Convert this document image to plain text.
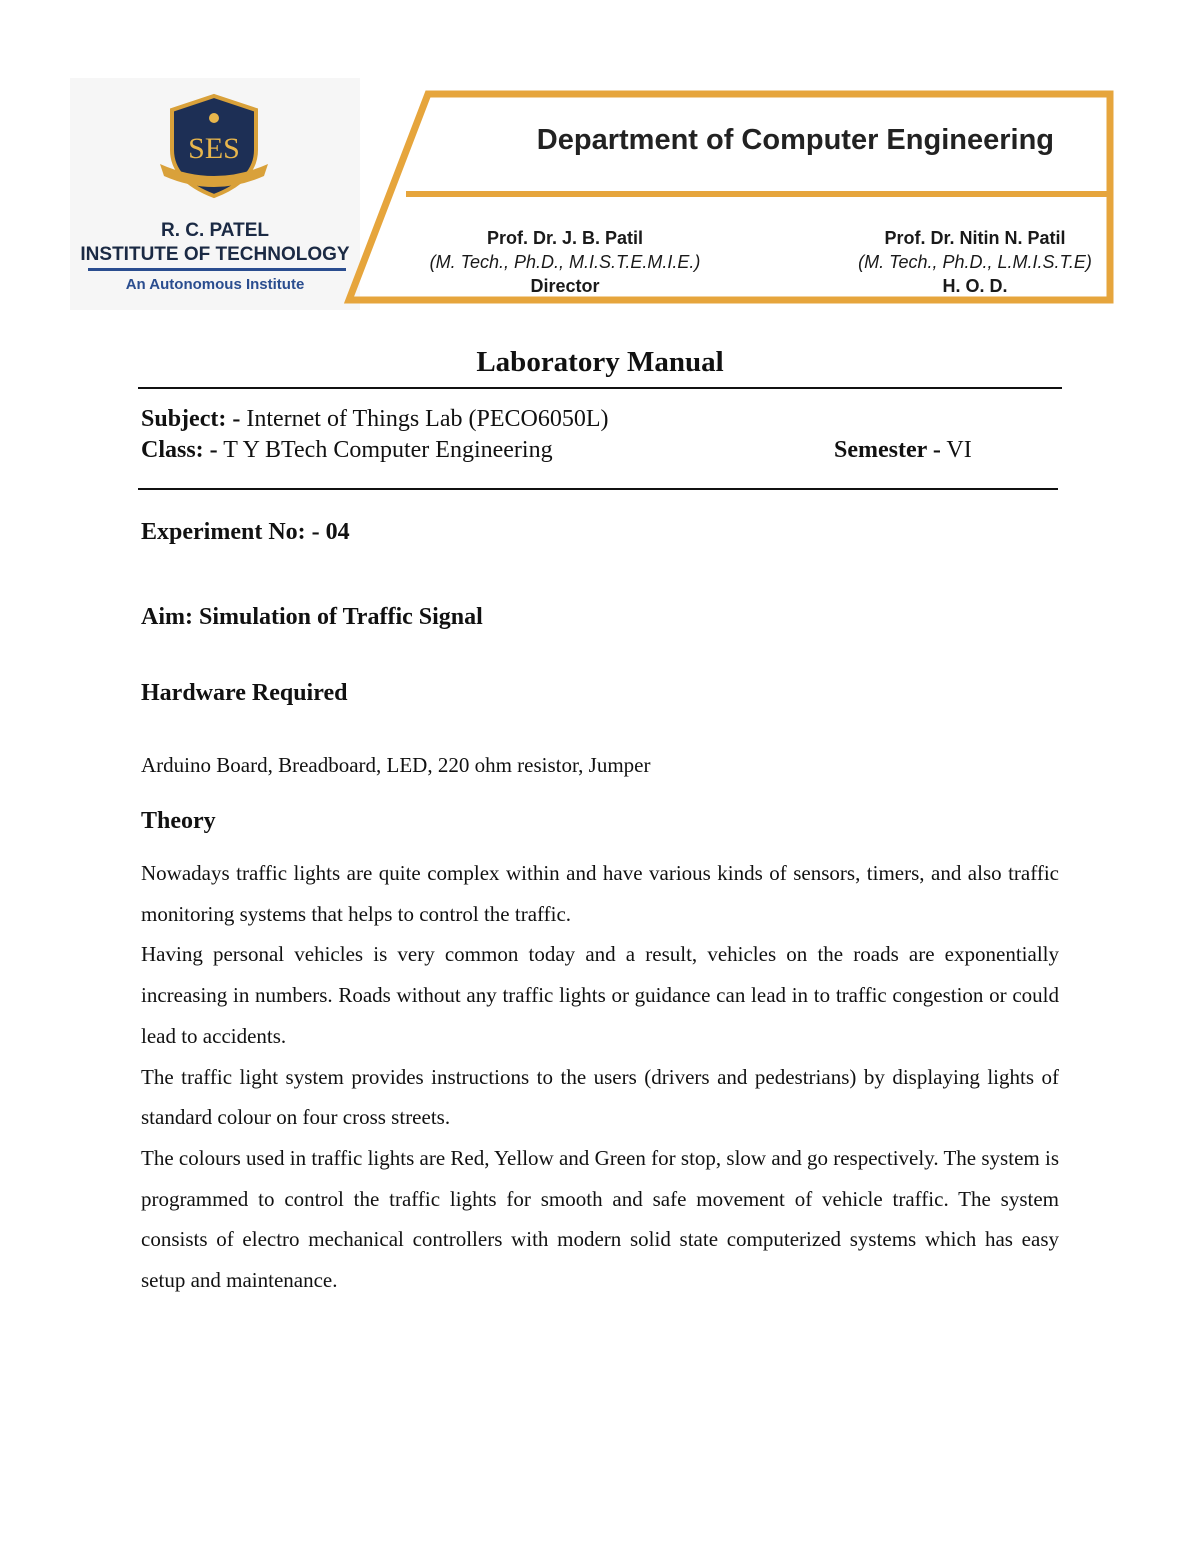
SES
R. C. PATEL
INSTITUTE OF TECHNOLOGY
An Autonomous Institute
Department of Computer Engineering
Prof. Dr. J. B. Patil
(M. Tech., Ph.D., M.I.S.T.E.M.I.E.)
Director
Prof. Dr. Nitin N. Patil
(M. Tech., Ph.D., L.M.I.S.T.E)
H. O. D.
Laboratory Manual
Subject: - Internet of Things Lab (PECO6050L)
Class: - T Y BTech Computer Engineering	Semester - VI
Experiment No: - 04
Aim: Simulation of Traffic Signal
Hardware Required
Arduino Board, Breadboard, LED, 220 ohm resistor, Jumper
Theory

Nowadays traffic lights are quite complex within and have various kinds of sensors, timers, and also traffic monitoring systems that helps to control the traffic.

Having personal vehicles is very common today and a result, vehicles on the roads are exponentially increasing in numbers. Roads without any traffic lights or guidance can lead in to traffic congestion or could lead to accidents.

The traffic light system provides instructions to the users (drivers and pedestrians) by displaying lights of standard colour on four cross streets.

The colours used in traffic lights are Red, Yellow and Green for stop, slow and go respectively. The system is programmed to control the traffic lights for smooth and safe movement of vehicle traffic. The system consists of electro mechanical controllers with modern solid state computerized systems which has easy setup and maintenance.
